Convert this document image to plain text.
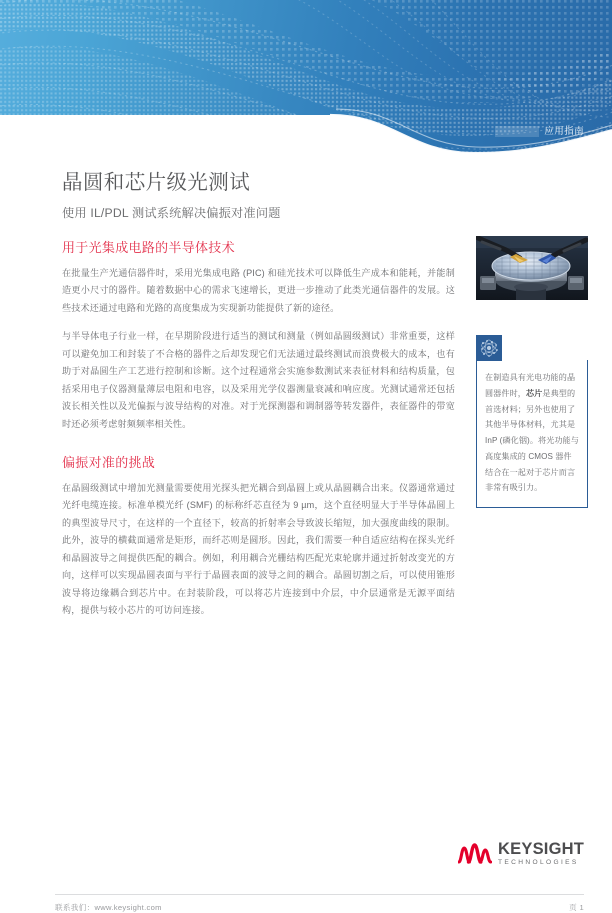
应用指南
晶圆和芯片级光测试
使用 IL/PDL 测试系统解决偏振对准问题
用于光集成电路的半导体技术

在批量生产光通信器件时，采用光集成电路 (PIC) 和硅光技术可以降低生产成本和能耗，并能制造更小尺寸的器件。随着数据中心的需求飞速增长，更进一步推动了此类光通信器件的发展。这些技术还通过电路和光路的高度集成为实现新功能提供了新的途径。

与半导体电子行业一样，在早期阶段进行适当的测试和测量（例如晶圆级测试）非常重要，这样可以避免加工和封装了不合格的器件之后却发现它们无法通过最终测试而浪费极大的成本，也有助于对晶圆生产工艺进行控制和诊断。这个过程通常会实施参数测试来表征材料和结构质量，包括采用电子仪器测量薄层电阻和电容，以及采用光学仪器测量衰减和响应度。光测试通常还包括波长相关性以及光偏振与波导结构的对准。对于光探测器和调制器等转发器件，表征器件的带宽时还必须考虑射频频率相关性。

偏振对准的挑战

在晶圆级测试中增加光测量需要使用光探头把光耦合到晶圆上或从晶圆耦合出来。仪器通常通过光纤电缆连接。标准单模光纤 (SMF) 的标称纤芯直径为 9 µm，这个直径明显大于半导体晶圆上的典型波导尺寸，在这样的一个直径下，较高的折射率会导致波长缩短，加大强度曲线的限制。此外，波导的横截面通常是矩形，而纤芯则是圆形。因此，我们需要一种自适应结构在探头光纤和晶圆波导之间提供匹配的耦合。例如，利用耦合光栅结构匹配光束轮廓并通过折射改变光的方向，这样可以实现晶圆表面与平行于晶圆表面的波导之间的耦合。晶圆切割之后，可以使用锥形波导将边缘耦合到芯片中。在封装阶段，可以将芯片连接到中介层，中介层通常是无源平面结构，提供与较小芯片的可访问连接。

在制造具有光电功能的晶圆器件时，芯片是典型的首选材料；另外也使用了其他半导体材料，尤其是 InP (磷化铟)。将光功能与高度集成的 CMOS 器件结合在一起对于芯片而言非常有吸引力。

KEYSIGHT
TECHNOLOGIES
联系我们：www.keysight.com	页 1
